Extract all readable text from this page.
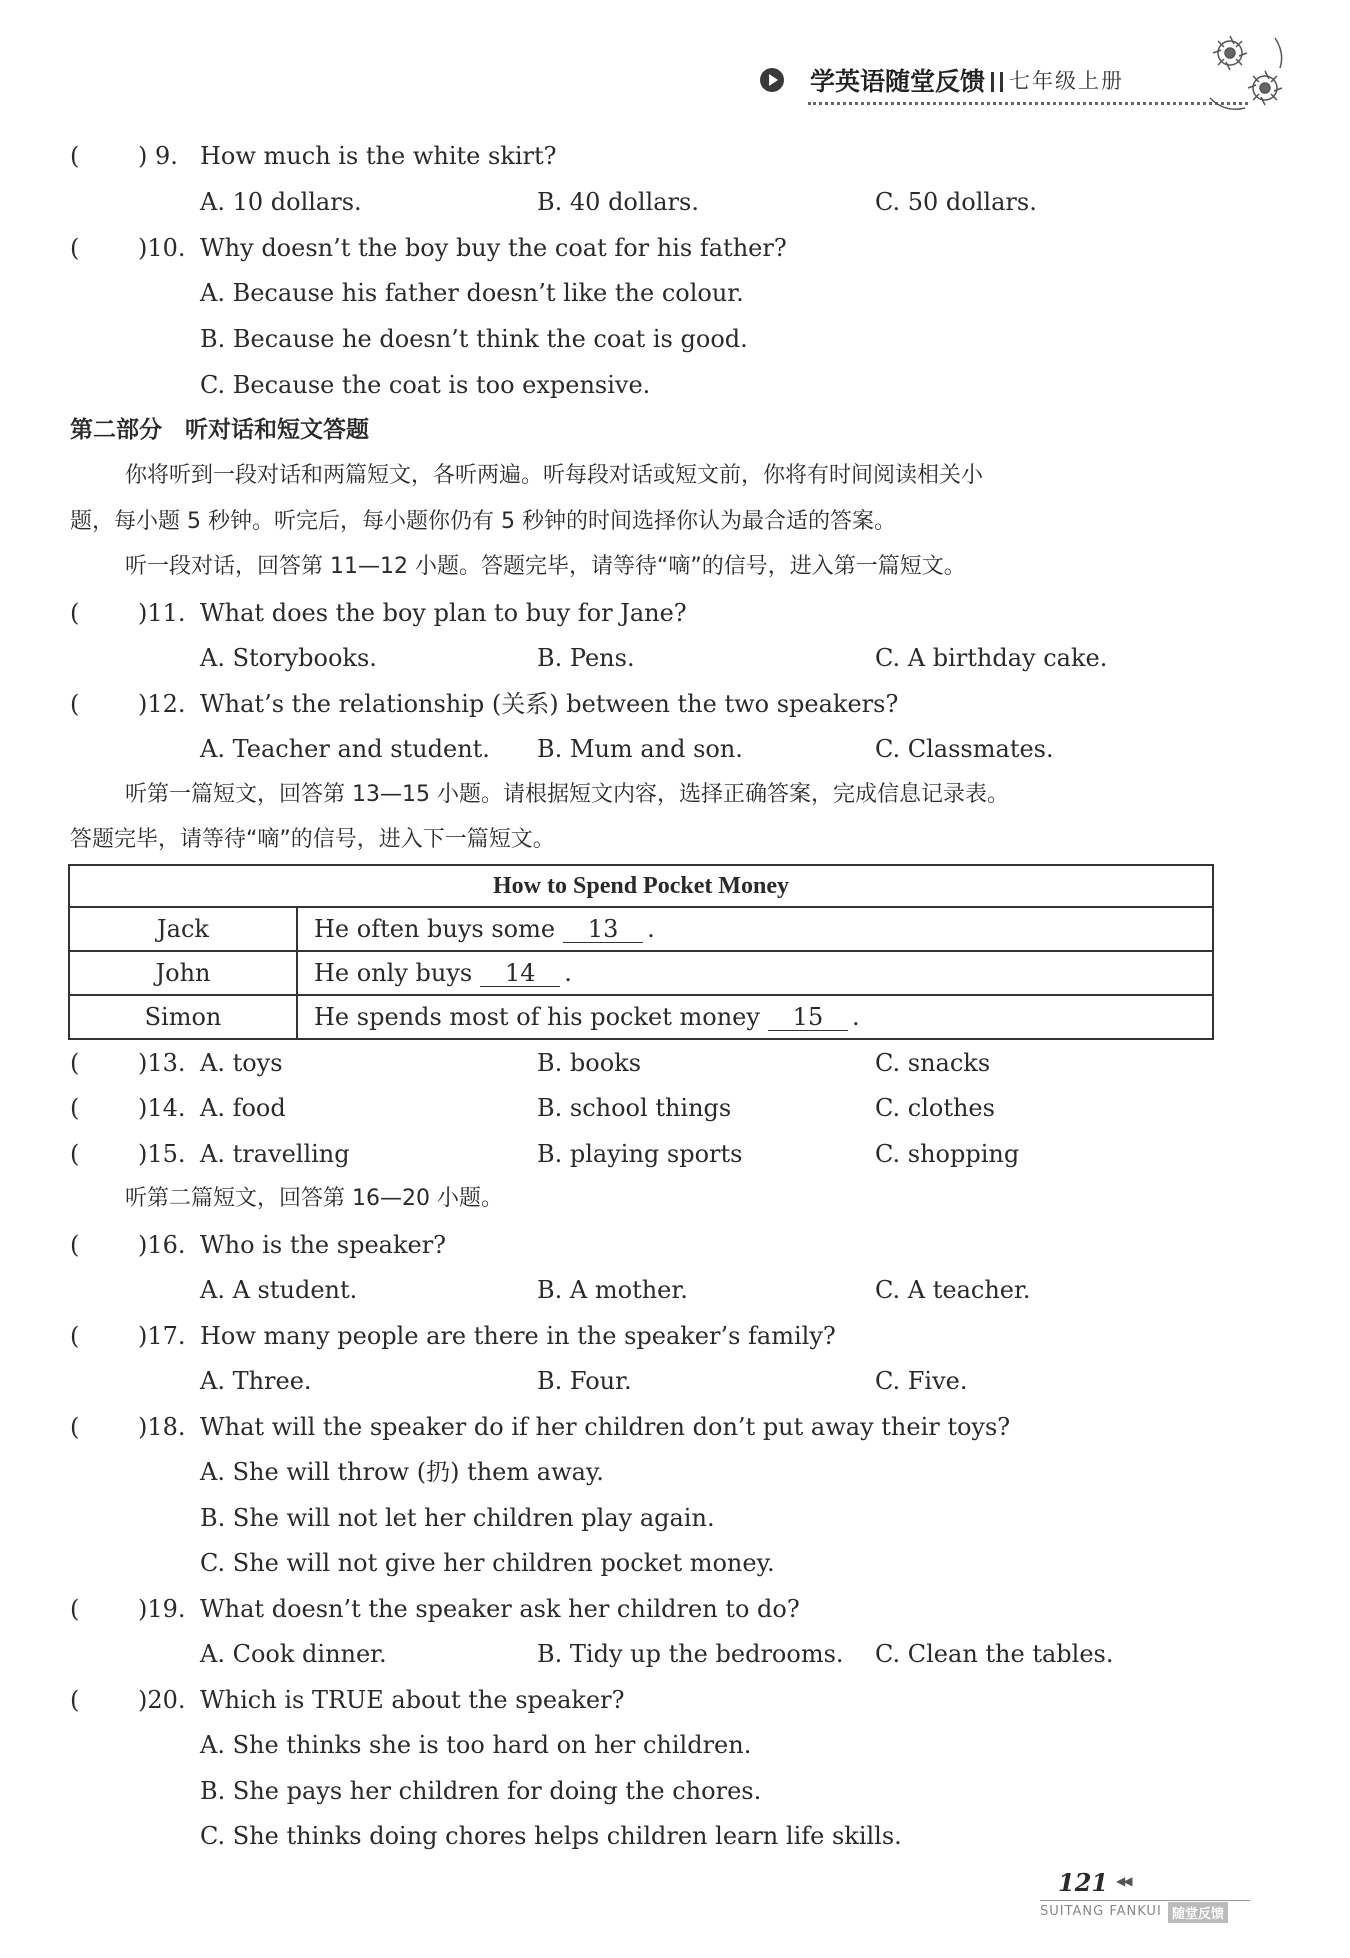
学英语随堂反馈 七年级上册
( ) 9. How much is the white skirt?
A. 10 dollars.	B. 40 dollars.	C. 50 dollars.
( )10. Why doesn’t the boy buy the coat for his father?
A. Because his father doesn’t like the colour.
B. Because he doesn’t think the coat is good.
C. Because the coat is too expensive.
第二部分　听对话和短文答题
你将听到一段对话和两篇短文，各听两遍。听每段对话或短文前，你将有时间阅读相关小
题，每小题 5 秒钟。听完后，每小题你仍有 5 秒钟的时间选择你认为最合适的答案。
听一段对话，回答第 11—12 小题。答题完毕，请等待“嘀”的信号，进入第一篇短文。
( )11. What does the boy plan to buy for Jane?
A. Storybooks.	B. Pens.	C. A birthday cake.
( )12. What’s the relationship (关系) between the two speakers?
A. Teacher and student. B. Mum and son.	C. Classmates.
听第一篇短文，回答第 13—15 小题。请根据短文内容，选择正确答案，完成信息记录表。
答题完毕，请等待“嘀”的信号，进入下一篇短文。
How to Spend Pocket Money	
Jack	He often buys some 13 .
John	He only buys 14 .
Simon	He spends most of his pocket money 15 .
( )13. A. toys	B. books	C. snacks
( )14. A. food	B. school things	C. clothes
( )15. A. travelling	B. playing sports	C. shopping
听第二篇短文，回答第 16—20 小题。
( )16. Who is the speaker?
A. A student.	B. A mother.	C. A teacher.
( )17. How many people are there in the speaker’s family?
A. Three.	B. Four.	C. Five.
( )18. What will the speaker do if her children don’t put away their toys?
A. She will throw (扔) them away.
B. She will not let her children play again.
C. She will not give her children pocket money.
( )19. What doesn’t the speaker ask her children to do?
A. Cook dinner.	B. Tidy up the bedrooms. C. Clean the tables.
( )20. Which is TRUE about the speaker?
A. She thinks she is too hard on her children.
B. She pays her children for doing the chores.
C. She thinks doing chores helps children learn life skills.
121 ◀◀
SUITANG FANKUI 随堂反馈
